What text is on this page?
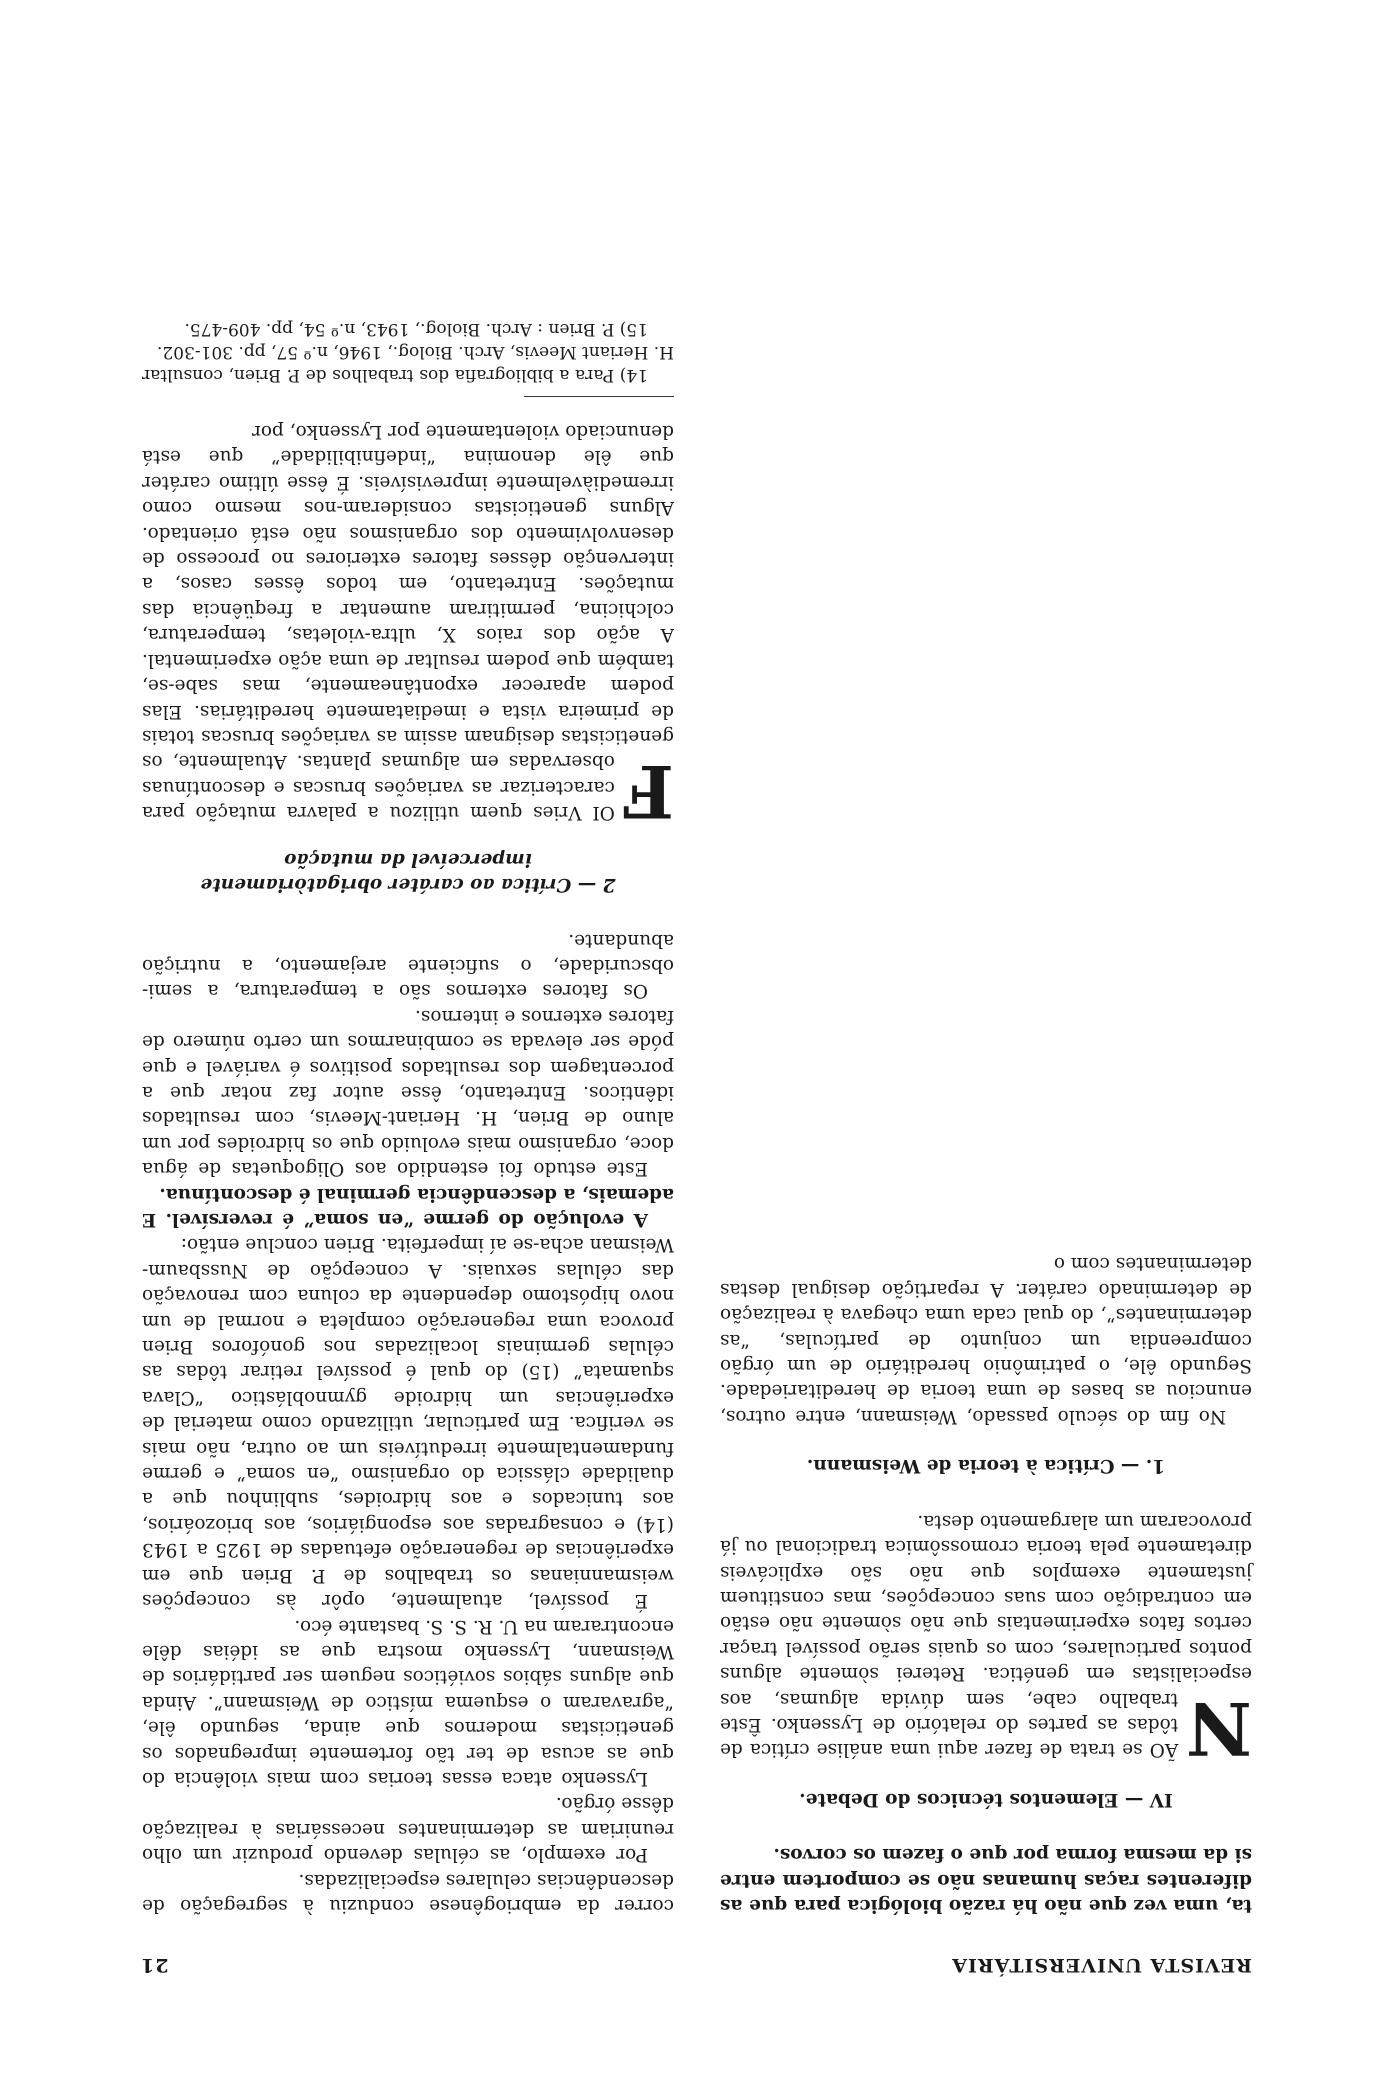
REVISTA UNIVERSITÁRIA
21

ta, uma vez que não há razão biológica para que as diferentes raças humanas não se comportem entre si da mesma forma por que o fazem os corvos.

IV — Elementos técnicos do Debate.

N
ÃO se trata de fazer aqui uma análise crítica de tôdas as partes do relatório de Lyssenko. Êste trabalho cabe, sem dúvida algumas, aos especialistas em genética. Reterei sòmente alguns pontos particulares, com os quais serão possível traçar certos fatos experimentais que não sòmente não estão em contradição com suas concepções, mas constituem justamente exemplos que não são explicáveis diretamente pela teoria cromossômica tradicional ou já provocaram um alargamento desta.

1. — Crítica à teoria de Weismann.

No fim do século passado, Weismann, entre outros, enunciou as bases de uma teoria de hereditariedade. Segundo êle, o patrimônio hereditário de um órgão compreendia um conjunto de partículas, “as determinantes”, do qual cada uma chegava à realização de determinado caráter. A repartição desigual destas determinantes com o

correr da embriogênese conduziu à segregação de descendências celulares especializadas.

Por exemplo, as células devendo produzir um olho reuniriam as determinantes necessárias à realização dêsse órgão.

Lyssenko ataca essas teorias com mais violência do que as acusa de ter tão fortemente impregnados os geneticistas modernos que ainda, segundo êle, “agravaram o esquema místico de Weismann”. Ainda que alguns sábios soviéticos neguem ser partidários de Weismann, Lyssenko mostra que as idéias dêle encontraram na U. R. S. S. bastante éco.

É possível, atualmente, opôr às concepções weismannianas os trabalhos de P. Brien que em experiências de regeneração efetuadas de 1925 a 1943 (14) e consagradas aos espongiários, aos briozoários, aos tunicados e aos hidroides, sublinhou que a dualidade clássica do organismo “en soma” e germe fundamentalmente irredutíveis um ao outra, não mais se verifica. Em particular, utilizando como material de experiências um hidroide gymnoblástico “Clava squamata” (15) do qual é possível retirar tôdas as células germinais localizadas nos gonóforos Brien provoca uma regeneração completa e normal de um novo hipóstomo dependente da coluna com renovação das células sexuais. A concepção de Nussbaum-Weisman acha-se aí imperfeita. Brien conclue então:

A evolução do germe “en soma” é reversível. E ademais, a descendência germinal é descontínua.

Este estudo foi estendido aos Oligoquetas de água doce, organismo mais evoluido que os hidroides por um aluno de Brien, H. Heriant-Meevis, com resultados idênticos. Entretanto, êsse autor faz notar que a porcentagem dos resultados positivos é variável e que póde ser elevada se combinarmos um certo número de fatores externos e internos.

Os fatores externos são a temperatura, a semi-obscuridade, o suficiente arejamento, a nutrição abundante.

2 — Crítica ao caráter obrigatòriamente imperceível da mutação

F
OI Vries quem utilizou a palavra mutação para caracterizar as variações bruscas e descontínuas observadas em algumas plantas. Atualmente, os geneticistas designam assim as variações bruscas totais de primeira vista e imediatamente hereditárias. Elas podem aparecer expontâneamente, mas sabe-se, também que podem resultar de uma ação experimental. A ação dos raios X, ultra-violetas, temperatura, colchicina, permitiram aumentar a freqüência das mutações. Entretanto, em todos êsses casos, a intervenção dêsses fatores exteriores no processo de desenvolvimento dos organismos não está orientado. Alguns geneticistas consideram-nos mesmo como irremediàvelmente imprevisíveis. É êsse último caráter que êle denomina “indefinibilidade” que está denunciado violentamente por Lyssenko, por

14) Para a bibliografia dos trabalhos de P. Brien, consultar H. Heriant Meevis, Arch. Biolog., 1946, n.º 57, pp. 301-302.

15) P. Brien : Arch. Biolog., 1943, n.º 54, pp. 409-475.
